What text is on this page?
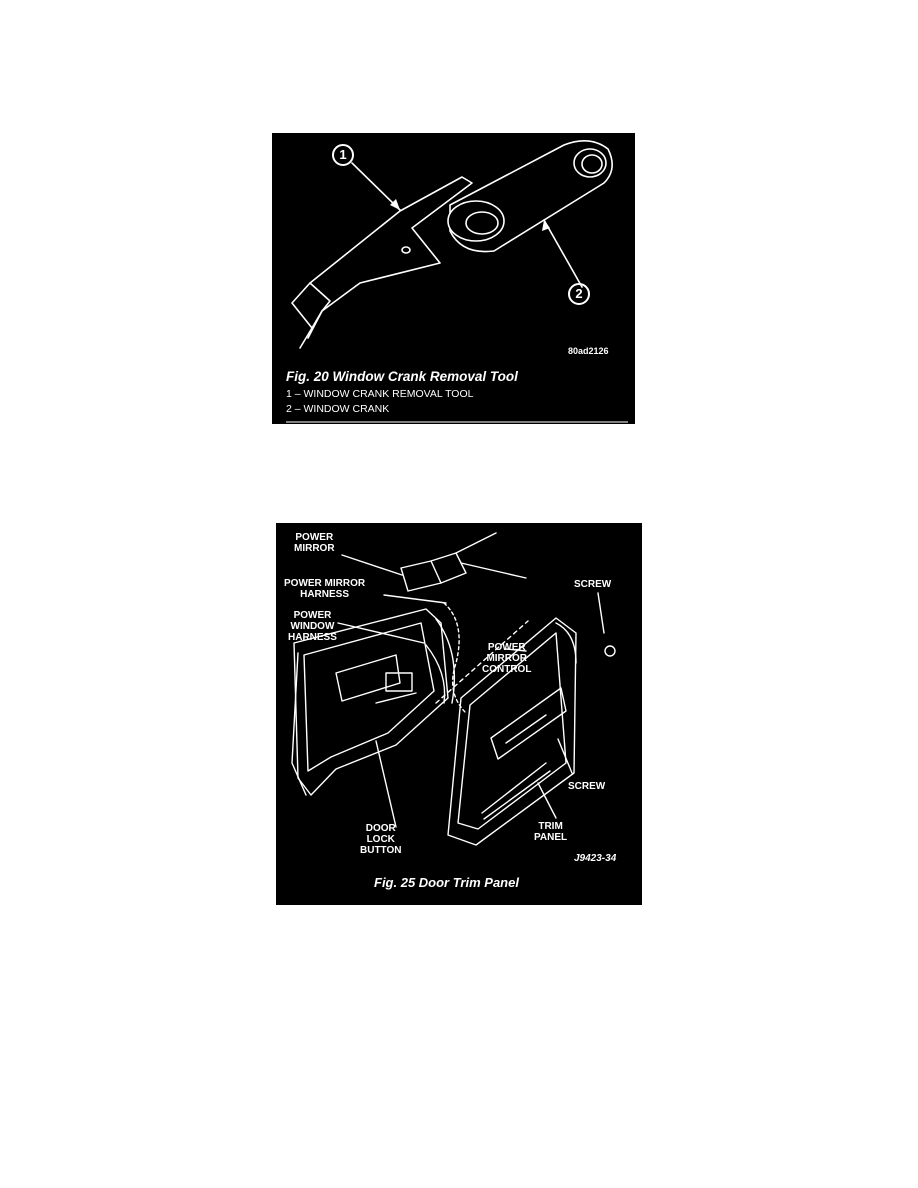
1
2
80ad2126
Fig. 20 Window Crank Removal Tool
1 – WINDOW CRANK REMOVAL TOOL
2 – WINDOW CRANK
POWER
MIRROR
POWER MIRROR
HARNESS
POWER
WINDOW
HARNESS
SCREW
POWER
MIRROR
CONTROL
SCREW
DOOR
LOCK
BUTTON
TRIM
PANEL
J9423-34
Fig. 25 Door Trim Panel
